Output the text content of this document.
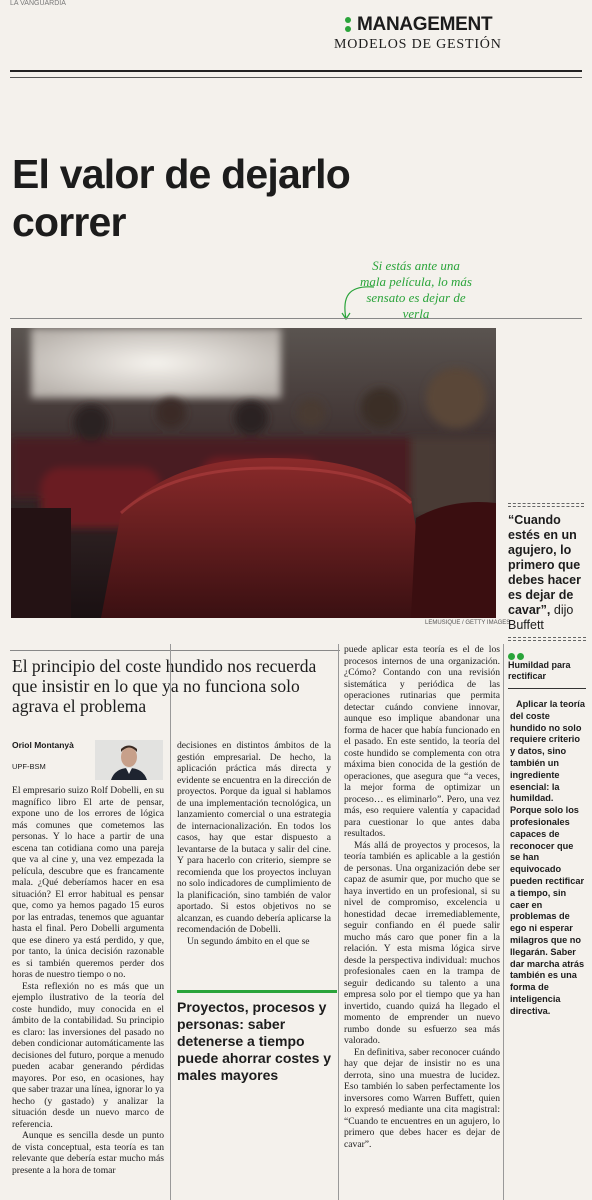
LA VANGUARDIA
MANAGEMENT
MODELOS DE GESTIÓN
El valor de dejarlo correr
Si estás ante una mala película, lo más sensato es dejar de verla
LEMUSIQUE / GETTY IMAGES
“Cuando estés en un agujero, lo primero que debes hacer es dejar de cavar”, dijo Buffett
Humildad para rectificar
Aplicar la teoría del coste hundido no solo requiere criterio y datos, sino también un ingrediente esencial: la humildad. Porque solo los profesionales capaces de reconocer que se han equivocado pueden rectificar a tiempo, sin caer en problemas de ego ni esperar milagros que no llegarán. Saber dar marcha atrás también es una forma de inteligencia directiva.
El principio del coste hundido nos recuerda que insistir en lo que ya no funciona solo agrava el problema
Oriol Montanyà
UPF-BSM

El empresario suizo Rolf Dobelli, en su magnífico libro El arte de pensar, expone uno de los errores de lógica más comunes que cometemos las personas. Y lo hace a partir de una escena tan cotidiana como una pareja que va al cine y, una vez empezada la película, descubre que es francamente mala. ¿Qué deberíamos hacer en esa situación? El error habitual es pensar que, como ya hemos pagado 15 euros por las entradas, tenemos que aguantar hasta el final. Pero Dobelli argumenta que ese dinero ya está perdido, y que, por tanto, la única decisión razonable es si también queremos perder dos horas de nuestro tiempo o no.

Esta reflexión no es más que un ejemplo ilustrativo de la teoría del coste hundido, muy conocida en el ámbito de la contabilidad. Su principio es claro: las inversiones del pasado no deben condicionar automáticamente las decisiones del futuro, porque a menudo pueden acabar generando pérdidas mayores. Por eso, en ocasiones, hay que saber trazar una línea, ignorar lo ya hecho (y gastado) y analizar la situación desde un nuevo marco de referencia.

Aunque es sencilla desde un punto de vista conceptual, esta teoría es tan relevante que debería estar mucho más presente a la hora de tomar

decisiones en distintos ámbitos de la gestión empresarial. De hecho, la aplicación práctica más directa y evidente se encuentra en la dirección de proyectos. Porque da igual si hablamos de una implementación tecnológica, un lanzamiento comercial o una estrategia de internacionalización. En todos los casos, hay que estar dispuesto a levantarse de la butaca y salir del cine. Y para hacerlo con criterio, siempre se recomienda que los proyectos incluyan no solo indicadores de cumplimiento de la planificación, sino también de valor aportado. Si estos objetivos no se alcanzan, es cuando debería aplicarse la recomendación de Dobelli.

Un segundo ámbito en el que se

Proyectos, procesos y personas: saber detenerse a tiempo puede ahorrar costes y males mayores

puede aplicar esta teoría es el de los procesos internos de una organización. ¿Cómo? Contando con una revisión sistemática y periódica de las operaciones rutinarias que permita detectar cuándo conviene innovar, aunque eso implique abandonar una forma de hacer que había funcionado en el pasado. En este sentido, la teoría del coste hundido se complementa con otra máxima bien conocida de la gestión de operaciones, que asegura que “a veces, la mejor forma de optimizar un proceso… es eliminarlo”. Pero, una vez más, eso requiere valentía y capacidad para cuestionar lo que antes daba resultados.

Más allá de proyectos y procesos, la teoría también es aplicable a la gestión de personas. Una organización debe ser capaz de asumir que, por mucho que se haya invertido en un profesional, si su nivel de compromiso, excelencia u honestidad decae irremediablemente, seguir confiando en él puede salir mucho más caro que poner fin a la relación. Y esta misma lógica sirve desde la perspectiva individual: muchos profesionales caen en la trampa de seguir dedicando su talento a una empresa solo por el tiempo que ya han invertido, cuando quizá ha llegado el momento de emprender un nuevo rumbo donde su esfuerzo sea más valorado.

En definitiva, saber reconocer cuándo hay que dejar de insistir no es una derrota, sino una muestra de lucidez. Eso también lo saben perfectamente los inversores como Warren Buffett, quien lo expresó mediante una cita magistral: “Cuando te encuentres en un agujero, lo primero que debes hacer es dejar de cavar”.
